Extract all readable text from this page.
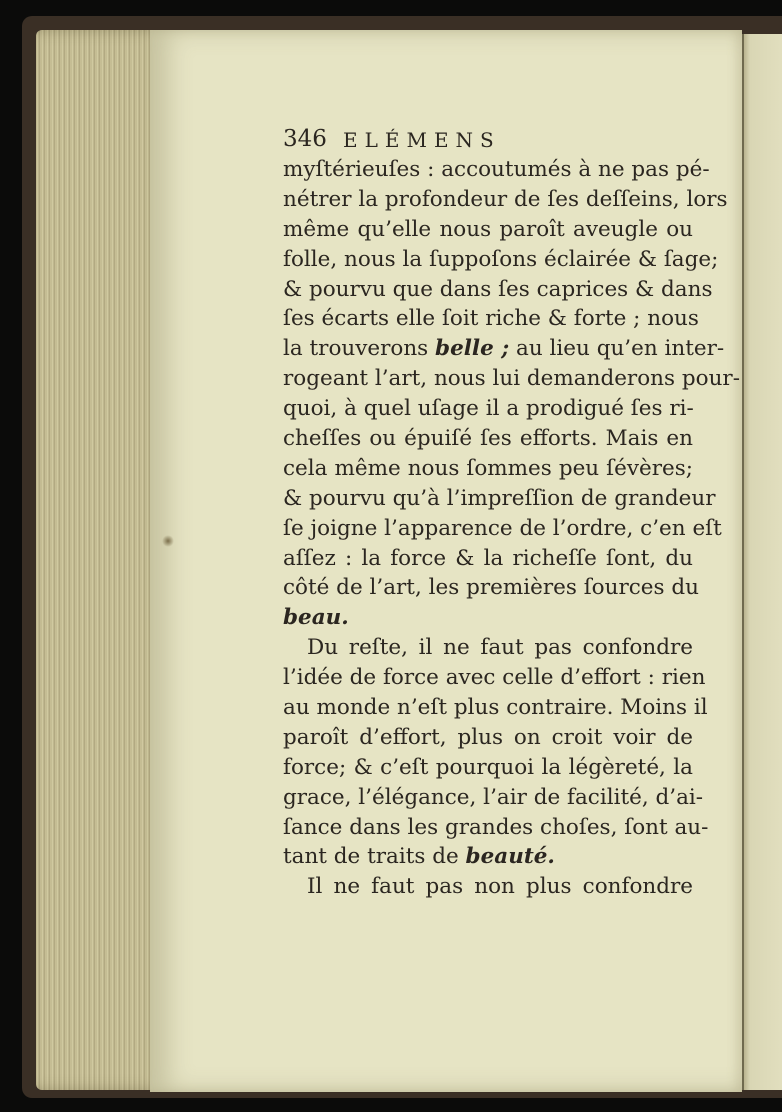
346 ELÉMENS
myſtérieuſes : accoutumés à ne pas pé-
nétrer la profondeur de ſes deſſeins, lors
même qu’elle nous paroît aveugle ou
folle, nous la ſuppoſons éclairée & ſage;
& pourvu que dans ſes caprices & dans
ſes écarts elle ſoit riche & forte ; nous
la trouverons belle ; au lieu qu’en inter-
rogeant l’art, nous lui demanderons pour-
quoi, à quel uſage il a prodigué ſes ri-
cheſſes ou épuiſé ſes efforts. Mais en
cela même nous ſommes peu ſévères;
& pourvu qu’à l’impreſſion de grandeur
ſe joigne l’apparence de l’ordre, c’en eſt
aſſez : la force & la richeſſe ſont, du
côté de l’art, les premières ſources du
beau.
Du reſte, il ne faut pas confondre
l’idée de force avec celle d’effort : rien
au monde n’eſt plus contraire. Moins il
paroît d’effort, plus on croit voir de
force; & c’eſt pourquoi la légèreté, la
grace, l’élégance, l’air de facilité, d’ai-
ſance dans les grandes choſes, ſont au-
tant de traits de beauté.
Il ne faut pas non plus confondre
